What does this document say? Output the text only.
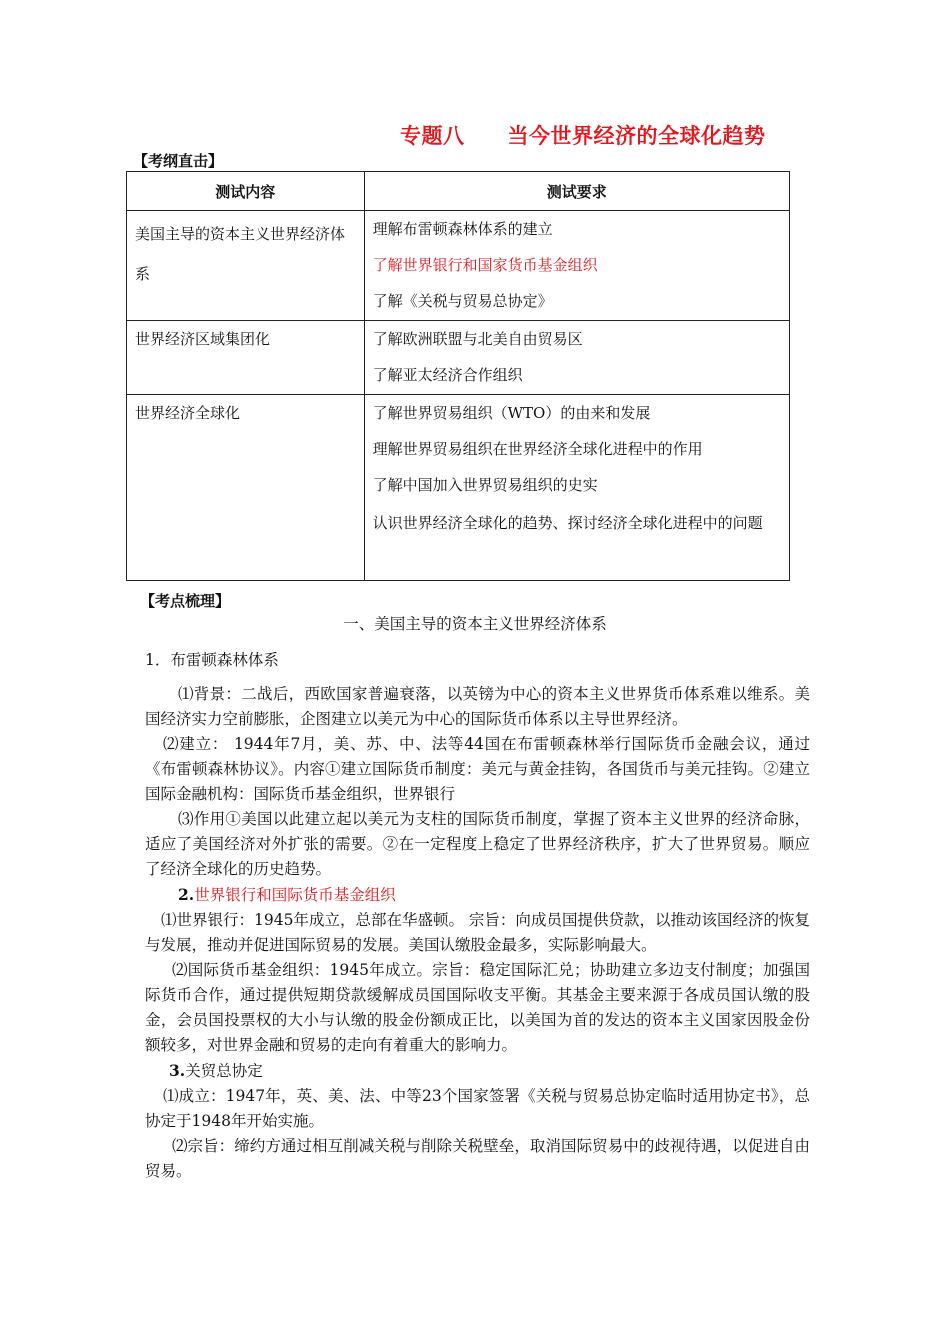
专题八　　当今世界经济的全球化趋势
【考纲直击】
测试内容	测试要求

美国主导的资本主义世界经济体系	理解布雷顿森林体系的建立
了解世界银行和国家货币基金组织
了解《关税与贸易总协定》

世界经济区域集团化	了解欧洲联盟与北美自由贸易区
了解亚太经济合作组织

世界经济全球化	了解世界贸易组织（WTO）的由来和发展
理解世界贸易组织在世界经济全球化进程中的作用
了解中国加入世界贸易组织的史实
认识世界经济全球化的趋势、探讨经济全球化进程中的问题
【考点梳理】
一、美国主导的资本主义世界经济体系
1．布雷顿森林体系

⑴背景：二战后，西欧国家普遍衰落，以英镑为中心的资本主义世界货币体系难以维系。美国经济实力空前膨胀，企图建立以美元为中心的国际货币体系以主导世界经济。

⑵建立： 1944年7月，美、苏、中、法等44国在布雷顿森林举行国际货币金融会议，通过《布雷顿森林协议》。内容①建立国际货币制度：美元与黄金挂钩，各国货币与美元挂钩。②建立国际金融机构：国际货币基金组织，世界银行

⑶作用①美国以此建立起以美元为支柱的国际货币制度，掌握了资本主义世界的经济命脉，适应了美国经济对外扩张的需要。②在一定程度上稳定了世界经济秩序，扩大了世界贸易。顺应了经济全球化的历史趋势。

2.世界银行和国际货币基金组织

⑴世界银行：1945年成立，总部在华盛顿。 宗旨：向成员国提供贷款，以推动该国经济的恢复与发展，推动并促进国际贸易的发展。美国认缴股金最多，实际影响最大。

⑵国际货币基金组织：1945年成立。宗旨：稳定国际汇兑；协助建立多边支付制度；加强国际货币合作，通过提供短期贷款缓解成员国国际收支平衡。其基金主要来源于各成员国认缴的股金，会员国投票权的大小与认缴的股金份额成正比，以美国为首的发达的资本主义国家因股金份额较多，对世界金融和贸易的走向有着重大的影响力。

3.关贸总协定

⑴成立：1947年，英、美、法、中等23个国家签署《关税与贸易总协定临时适用协定书》，总协定于1948年开始实施。

⑵宗旨：缔约方通过相互削减关税与削除关税壁垒，取消国际贸易中的歧视待遇，以促进自由贸易。
